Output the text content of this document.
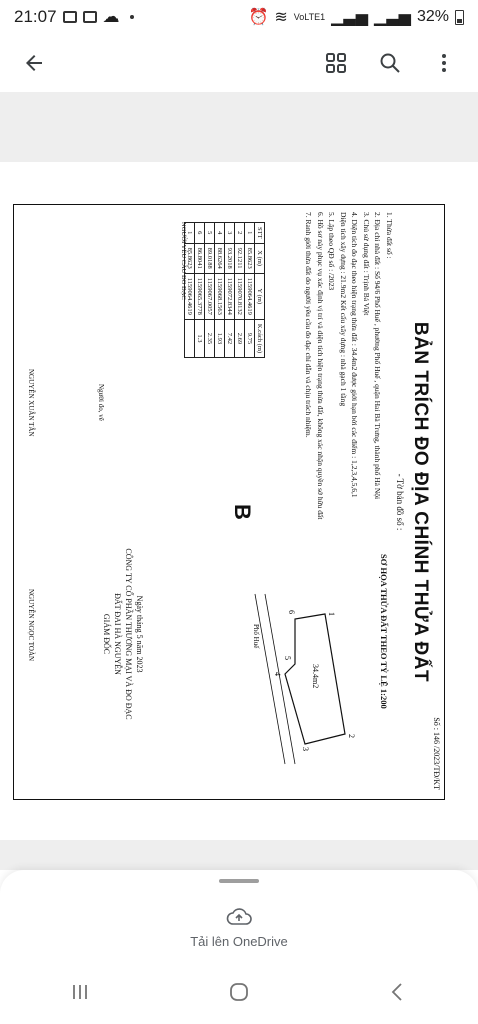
21:07	☁	⏰ ≋ VoLTE1 ▁▃▅ ▁▃▅ 32%
Số : 146 /2023/TĐ/KT
BẢN TRÍCH ĐO ĐỊA CHÍNH THỬA ĐẤT
- Tờ bản đồ số :
1. Thửa đất số :
2. Địa chỉ nhà đất : Số 94/6 Phố Huế , phường Phố Huế , quận Hai Bà Trưng, thành phố Hà Nội
3. Chủ sử dụng đất : Trịnh Bá Việt
4. Diện tích đo đạc theo hiện trạng thửa đất : 34.4m2 được giới hạn bởi các điểm : 1,2,3,4,5,6,1
Diện tích xây dựng : 21.9m2 Kết cấu xây dựng : nhà gạch 1 tầng
5. Lập theo QĐ số : /2023
6. Hồ sơ này phục vụ xác định vị trí và diện tích hiện trạng thửa đất, không xác nhận quyền sở hữu đất
7. Ranh giới thửa đất do người yêu cầu đo đạc chỉ dẫn và chịu trách nhiệm.
SƠ HỌA THỬA ĐẤT THEO TỶ LỆ 1:200
1
2
3
4
5
6
34.4m2
Phố Huế
STT	X (m)	Y (m)	K.cách (m)
1	85.8623	1159064.4619	9.75
2	92.1211	1159070.8132	2.69
3	93.2018	1159072.8344	7.42
4	88.6264	1159068.1563	1.93
5	89.0188	1159067.0057	2.35
6	86.8041	1159065.3778	1.3
1	85.8623	1159064.4619	
NGƯỜI YÊU CẦU ĐO ĐẠC
B
Ngày tháng 5 năm 2023
CÔNG TY CỔ PHẦN THƯƠNG MẠI VÀ ĐO ĐẠC
ĐẤT ĐAI HÀ NGUYỄN
GIÁM ĐỐC
Người đo, vẽ
NGUYỄN XUÂN TÂN
NGUYỄN NGỌC TOÀN
Tải lên OneDrive
